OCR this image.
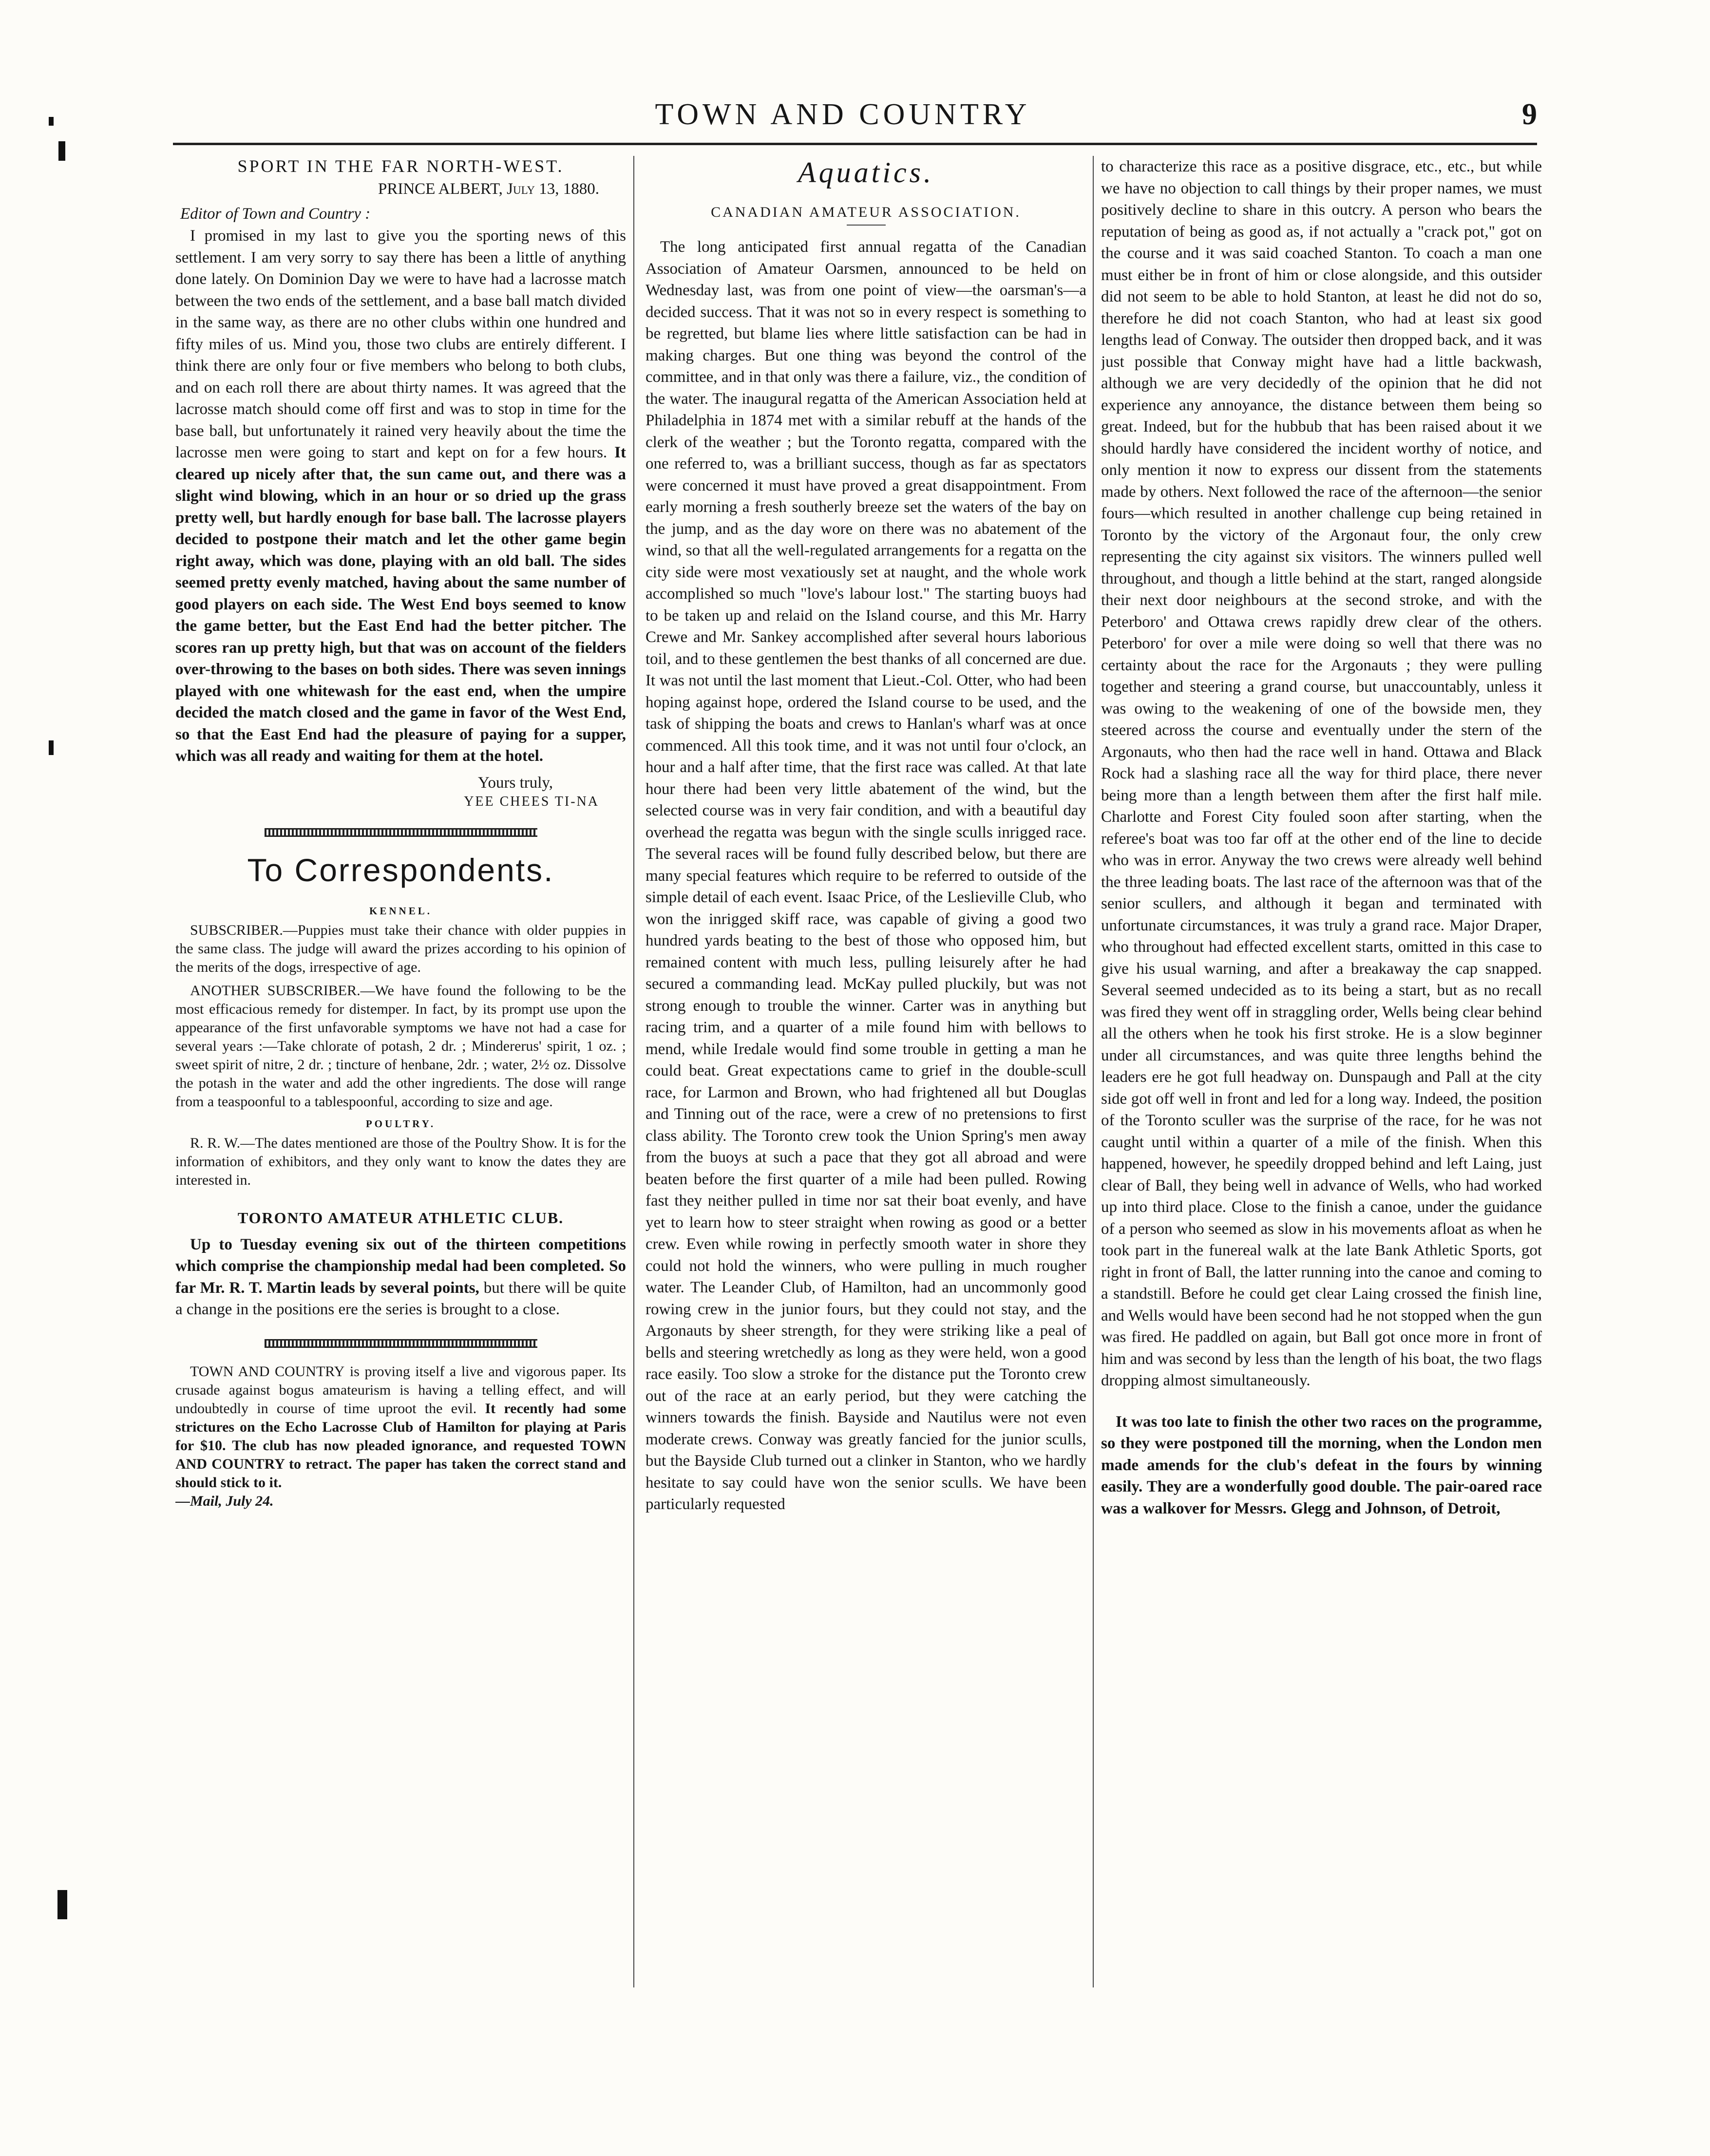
TOWN AND COUNTRY	9

SPORT IN THE FAR NORTH-WEST.

PRINCE ALBERT, July 13, 1880.

Editor of Town and Country :

I promised in my last to give you the sporting news of this settlement. I am very sorry to say there has been a little of anything done lately. On Dominion Day we were to have had a lacrosse match between the two ends of the settlement, and a base ball match divided in the same way, as there are no other clubs within one hundred and fifty miles of us. Mind you, those two clubs are entirely different. I think there are only four or five members who belong to both clubs, and on each roll there are about thirty names. It was agreed that the lacrosse match should come off first and was to stop in time for the base ball, but unfortunately it rained very heavily about the time the lacrosse men were going to start and kept on for a few hours. It cleared up nicely after that, the sun came out, and there was a slight wind blowing, which in an hour or so dried up the grass pretty well, but hardly enough for base ball. The lacrosse players decided to postpone their match and let the other game begin right away, which was done, playing with an old ball. The sides seemed pretty evenly matched, having about the same number of good players on each side. The West End boys seemed to know the game better, but the East End had the better pitcher. The scores ran up pretty high, but that was on account of the fielders over-throwing to the bases on both sides. There was seven innings played with one whitewash for the east end, when the umpire decided the match closed and the game in favor of the West End, so that the East End had the pleasure of paying for a supper, which was all ready and waiting for them at the hotel.

Yours truly,

YEE CHEES TI-NA

To Correspondents.

KENNEL.

SUBSCRIBER.—Puppies must take their chance with older puppies in the same class. The judge will award the prizes according to his opinion of the merits of the dogs, irrespective of age.

ANOTHER SUBSCRIBER.—We have found the following to be the most efficacious remedy for distemper. In fact, by its prompt use upon the appearance of the first unfavorable symptoms we have not had a case for several years :—Take chlorate of potash, 2 dr. ; Mindererus' spirit, 1 oz. ; sweet spirit of nitre, 2 dr. ; tincture of henbane, 2dr. ; water, 2½ oz. Dissolve the potash in the water and add the other ingredients. The dose will range from a teaspoonful to a tablespoonful, according to size and age.

POULTRY.

R. R. W.—The dates mentioned are those of the Poultry Show. It is for the information of exhibitors, and they only want to know the dates they are interested in.

TORONTO AMATEUR ATHLETIC CLUB.

Up to Tuesday evening six out of the thirteen competitions which comprise the championship medal had been completed. So far Mr. R. T. Martin leads by several points, but there will be quite a change in the positions ere the series is brought to a close.

TOWN AND COUNTRY is proving itself a live and vigorous paper. Its crusade against bogus amateurism is having a telling effect, and will undoubtedly in course of time uproot the evil. It recently had some strictures on the Echo Lacrosse Club of Hamilton for playing at Paris for $10. The club has now pleaded ignorance, and requested TOWN AND COUNTRY to retract. The paper has taken the correct stand and should stick to it.
—Mail, July 24.

Aquatics.

CANADIAN AMATEUR ASSOCIATION.

The long anticipated first annual regatta of the Canadian Association of Amateur Oarsmen, announced to be held on Wednesday last, was from one point of view—the oarsman's—a decided success. That it was not so in every respect is something to be regretted, but blame lies where little satisfaction can be had in making charges. But one thing was beyond the control of the committee, and in that only was there a failure, viz., the condition of the water. The inaugural regatta of the American Association held at Philadelphia in 1874 met with a similar rebuff at the hands of the clerk of the weather ; but the Toronto regatta, compared with the one referred to, was a brilliant success, though as far as spectators were concerned it must have proved a great disappointment. From early morning a fresh southerly breeze set the waters of the bay on the jump, and as the day wore on there was no abatement of the wind, so that all the well-regulated arrangements for a regatta on the city side were most vexatiously set at naught, and the whole work accomplished so much "love's labour lost." The starting buoys had to be taken up and relaid on the Island course, and this Mr. Harry Crewe and Mr. Sankey accomplished after several hours laborious toil, and to these gentlemen the best thanks of all concerned are due. It was not until the last moment that Lieut.-Col. Otter, who had been hoping against hope, ordered the Island course to be used, and the task of shipping the boats and crews to Hanlan's wharf was at once commenced. All this took time, and it was not until four o'clock, an hour and a half after time, that the first race was called. At that late hour there had been very little abatement of the wind, but the selected course was in very fair condition, and with a beautiful day overhead the regatta was begun with the single sculls inrigged race. The several races will be found fully described below, but there are many special features which require to be referred to outside of the simple detail of each event. Isaac Price, of the Leslieville Club, who won the inrigged skiff race, was capable of giving a good two hundred yards beating to the best of those who opposed him, but remained content with much less, pulling leisurely after he had secured a commanding lead. McKay pulled pluckily, but was not strong enough to trouble the winner. Carter was in anything but racing trim, and a quarter of a mile found him with bellows to mend, while Iredale would find some trouble in getting a man he could beat. Great expectations came to grief in the double-scull race, for Larmon and Brown, who had frightened all but Douglas and Tinning out of the race, were a crew of no pretensions to first class ability. The Toronto crew took the Union Spring's men away from the buoys at such a pace that they got all abroad and were beaten before the first quarter of a mile had been pulled. Rowing fast they neither pulled in time nor sat their boat evenly, and have yet to learn how to steer straight when rowing as good or a better crew. Even while rowing in perfectly smooth water in shore they could not hold the winners, who were pulling in much rougher water. The Leander Club, of Hamilton, had an uncommonly good rowing crew in the junior fours, but they could not stay, and the Argonauts by sheer strength, for they were striking like a peal of bells and steering wretchedly as long as they were held, won a good race easily. Too slow a stroke for the distance put the Toronto crew out of the race at an early period, but they were catching the winners towards the finish. Bayside and Nautilus were not even moderate crews. Conway was greatly fancied for the junior sculls, but the Bayside Club turned out a clinker in Stanton, who we hardly hesitate to say could have won the senior sculls. We have been particularly requested

to characterize this race as a positive disgrace, etc., etc., but while we have no objection to call things by their proper names, we must positively decline to share in this outcry. A person who bears the reputation of being as good as, if not actually a "crack pot," got on the course and it was said coached Stanton. To coach a man one must either be in front of him or close alongside, and this outsider did not seem to be able to hold Stanton, at least he did not do so, therefore he did not coach Stanton, who had at least six good lengths lead of Conway. The outsider then dropped back, and it was just possible that Conway might have had a little backwash, although we are very decidedly of the opinion that he did not experience any annoyance, the distance between them being so great. Indeed, but for the hubbub that has been raised about it we should hardly have considered the incident worthy of notice, and only mention it now to express our dissent from the statements made by others. Next followed the race of the afternoon—the senior fours—which resulted in another challenge cup being retained in Toronto by the victory of the Argonaut four, the only crew representing the city against six visitors. The winners pulled well throughout, and though a little behind at the start, ranged alongside their next door neighbours at the second stroke, and with the Peterboro' and Ottawa crews rapidly drew clear of the others. Peterboro' for over a mile were doing so well that there was no certainty about the race for the Argonauts ; they were pulling together and steering a grand course, but unaccountably, unless it was owing to the weakening of one of the bowside men, they steered across the course and eventually under the stern of the Argonauts, who then had the race well in hand. Ottawa and Black Rock had a slashing race all the way for third place, there never being more than a length between them after the first half mile. Charlotte and Forest City fouled soon after starting, when the referee's boat was too far off at the other end of the line to decide who was in error. Anyway the two crews were already well behind the three leading boats. The last race of the afternoon was that of the senior scullers, and although it began and terminated with unfortunate circumstances, it was truly a grand race. Major Draper, who throughout had effected excellent starts, omitted in this case to give his usual warning, and after a breakaway the cap snapped. Several seemed undecided as to its being a start, but as no recall was fired they went off in straggling order, Wells being clear behind all the others when he took his first stroke. He is a slow beginner under all circumstances, and was quite three lengths behind the leaders ere he got full headway on. Dunspaugh and Pall at the city side got off well in front and led for a long way. Indeed, the position of the Toronto sculler was the surprise of the race, for he was not caught until within a quarter of a mile of the finish. When this happened, however, he speedily dropped behind and left Laing, just clear of Ball, they being well in advance of Wells, who had worked up into third place. Close to the finish a canoe, under the guidance of a person who seemed as slow in his movements afloat as when he took part in the funereal walk at the late Bank Athletic Sports, got right in front of Ball, the latter running into the canoe and coming to a standstill. Before he could get clear Laing crossed the finish line, and Wells would have been second had he not stopped when the gun was fired. He paddled on again, but Ball got once more in front of him and was second by less than the length of his boat, the two flags dropping almost simultaneously.

It was too late to finish the other two races on the programme, so they were postponed till the morning, when the London men made amends for the club's defeat in the fours by winning easily. They are a wonderfully good double. The pair-oared race was a walkover for Messrs. Glegg and Johnson, of Detroit,
